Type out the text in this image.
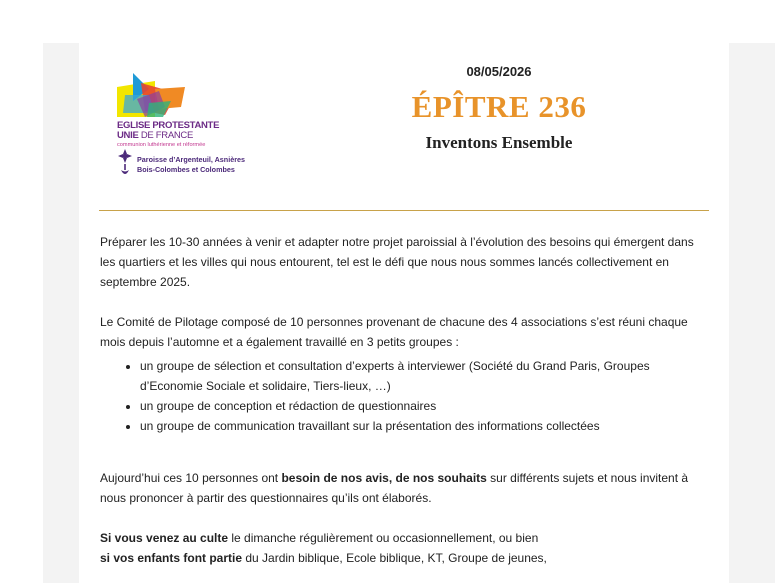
EGLISE PROTESTANTE
UNIE DE FRANCE
communion luthérienne et réformée
Paroisse d’Argenteuil, Asnières
Bois-Colombes et Colombes
08/05/2026
ÉPÎTRE 236
Inventons Ensemble

Préparer les 10-30 années à venir et adapter notre projet paroissial à l’évolution des besoins qui émergent dans les quartiers et les villes qui nous entourent, tel est le défi que nous nous sommes lancés collectivement en septembre 2025.

Le Comité de Pilotage composé de 10 personnes provenant de chacune des 4 associations s’est réuni chaque mois depuis l’automne et a également travaillé en 3 petits groupes :

• un groupe de sélection et consultation d’experts à interviewer (Société du Grand Paris, Groupes d’Economie Sociale et solidaire, Tiers-lieux, …)
• un groupe de conception et rédaction de questionnaires
• un groupe de communication travaillant sur la présentation des informations collectées

Aujourd’hui ces 10 personnes ont besoin de nos avis, de nos souhaits sur différents sujets et nous invitent à nous prononcer à partir des questionnaires qu’ils ont élaborés.

Si vous venez au culte le dimanche régulièrement ou occasionnellement, ou bien

si vos enfants font partie du Jardin biblique, Ecole biblique, KT, Groupe de jeunes,
